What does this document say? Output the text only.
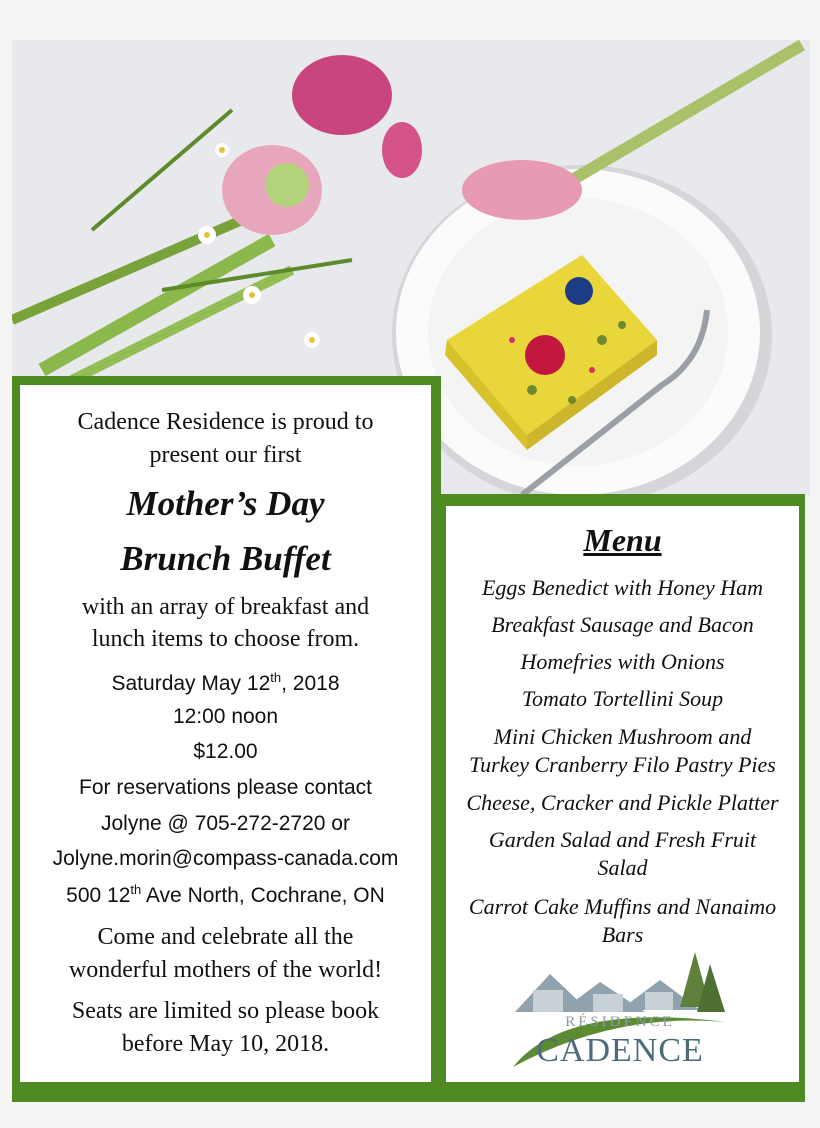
Cadence Residence is proud to
present our first
Mother’s Day
Brunch Buffet
with an array of breakfast and
lunch items to choose from.
Saturday May 12th, 2018
12:00 noon
$12.00
For reservations please contact
Jolyne @ 705-272-2720 or
Jolyne.morin@compass-canada.com
500 12th Ave North, Cochrane, ON
Come and celebrate all the
wonderful mothers of the world!
Seats are limited so please book
before May 10, 2018.
Menu
Eggs Benedict with Honey Ham
Breakfast Sausage and Bacon
Homefries with Onions
Tomato Tortellini Soup
Mini Chicken Mushroom and
Turkey Cranberry Filo Pastry Pies
Cheese, Cracker and Pickle Platter
Garden Salad and Fresh Fruit
Salad
Carrot Cake Muffins and Nanaimo
Bars
RÉSIDENCE
CADENCE
